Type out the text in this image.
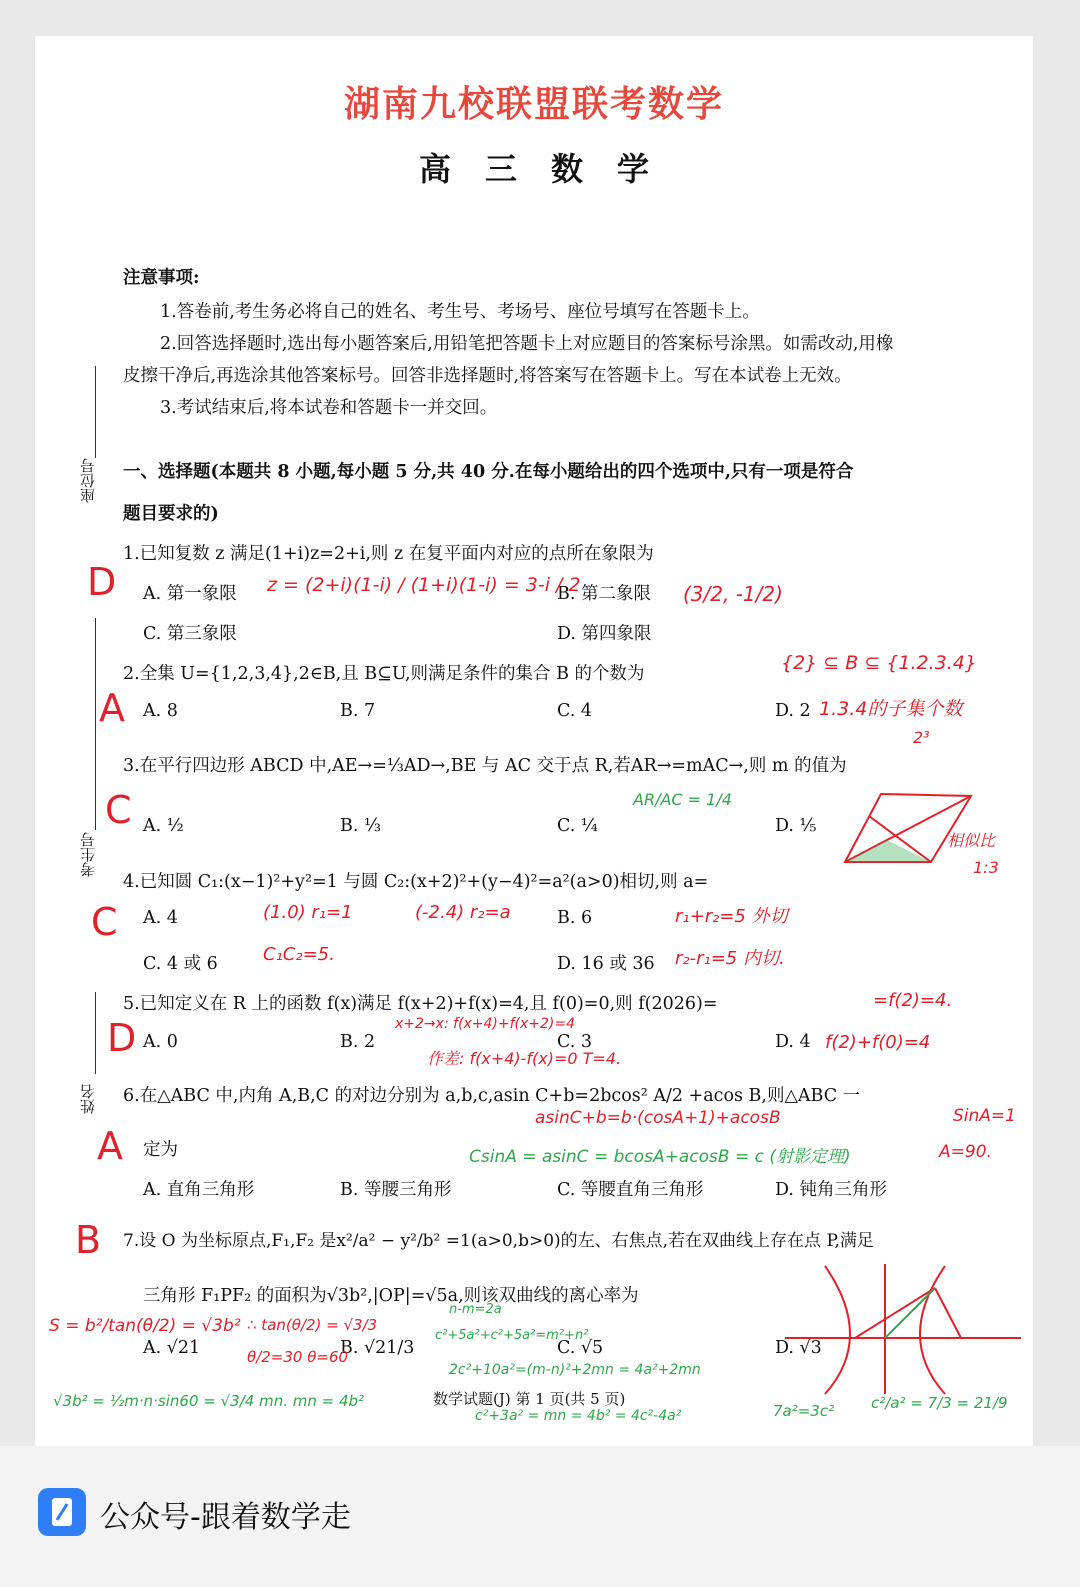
湖南九校联盟联考数学
高三数学
注意事项:
1.答卷前,考生务必将自己的姓名、考生号、考场号、座位号填写在答题卡上。
2.回答选择题时,选出每小题答案后,用铅笔把答题卡上对应题目的答案标号涂黑。如需改动,用橡
皮擦干净后,再选涂其他答案标号。回答非选择题时,将答案写在答题卡上。写在本试卷上无效。
3.考试结束后,将本试卷和答题卡一并交回。
座位号
考生号
姓名
一、选择题(本题共 8 小题,每小题 5 分,共 40 分.在每小题给出的四个选项中,只有一项是符合
题目要求的)
1.已知复数 z 满足(1+i)z=2+i,则 z 在复平面内对应的点所在象限为
A. 第一象限	B. 第二象限
C. 第三象限	D. 第四象限
2.全集 U={1,2,3,4},2∈B,且 B⊆U,则满足条件的集合 B 的个数为
A. 8	B. 7	C. 4	D. 2
3.在平行四边形 ABCD 中,AE→=⅓AD→,BE 与 AC 交于点 R,若AR→=mAC→,则 m 的值为
A. ½	B. ⅓	C. ¼	D. ⅕
4.已知圆 C₁:(x−1)²+y²=1 与圆 C₂:(x+2)²+(y−4)²=a²(a>0)相切,则 a=
A. 4	B. 6
C. 4 或 6	D. 16 或 36
5.已知定义在 R 上的函数 f(x)满足 f(x+2)+f(x)=4,且 f(0)=0,则 f(2026)=
A. 0	B. 2	C. 3	D. 4
6.在△ABC 中,内角 A,B,C 的对边分别为 a,b,c,asin C+b=2bcos² A/2 +acos B,则△ABC 一
定为
A. 直角三角形	B. 等腰三角形	C. 等腰直角三角形	D. 钝角三角形
7.设 O 为坐标原点,F₁,F₂ 是x²/a² − y²/b² =1(a>0,b>0)的左、右焦点,若在双曲线上存在点 P,满足
三角形 F₁PF₂ 的面积为√3b²,|OP|=√5a,则该双曲线的离心率为
A. √21	B. √21/3	C. √5	D. √3
数学试题(J) 第 1 页(共 5 页)
D
A
C
C
D
A
B
z = (2+i)(1-i) / (1+i)(1-i) = 3-i / 2	(3/2, -1/2)
{2} ⊆ B ⊆ {1.2.3.4}
1.3.4的子集个数
2³
相似比
1:3
(1.0) r₁=1	(-2.4) r₂=a
C₁C₂=5.
r₁+r₂=5 外切
r₂-r₁=5 内切.
=f(2)=4.
x+2→x: f(x+4)+f(x+2)=4
作差: f(x+4)-f(x)=0 T=4.
f(2)+f(0)=4
asinC+b=b·(cosA+1)+acosB	SinA=1
A=90.
S = b²/tan(θ/2) = √3b² ∴ tan(θ/2) = √3/3
θ/2=30 θ=60
AR/AC = 1/4
CsinA = asinC = bcosA+acosB = c (射影定理)
n-m=2a
c²+5a²+c²+5a²=m²+n²
2c²+10a²=(m-n)²+2mn = 4a²+2mn
c²+3a² = mn = 4b² = 4c²-4a²
√3b² = ½m·n·sin60 = √3/4 mn. mn = 4b²
7a²=3c² c²/a² = 7/3 = 21/9
公众号-跟着数学走
